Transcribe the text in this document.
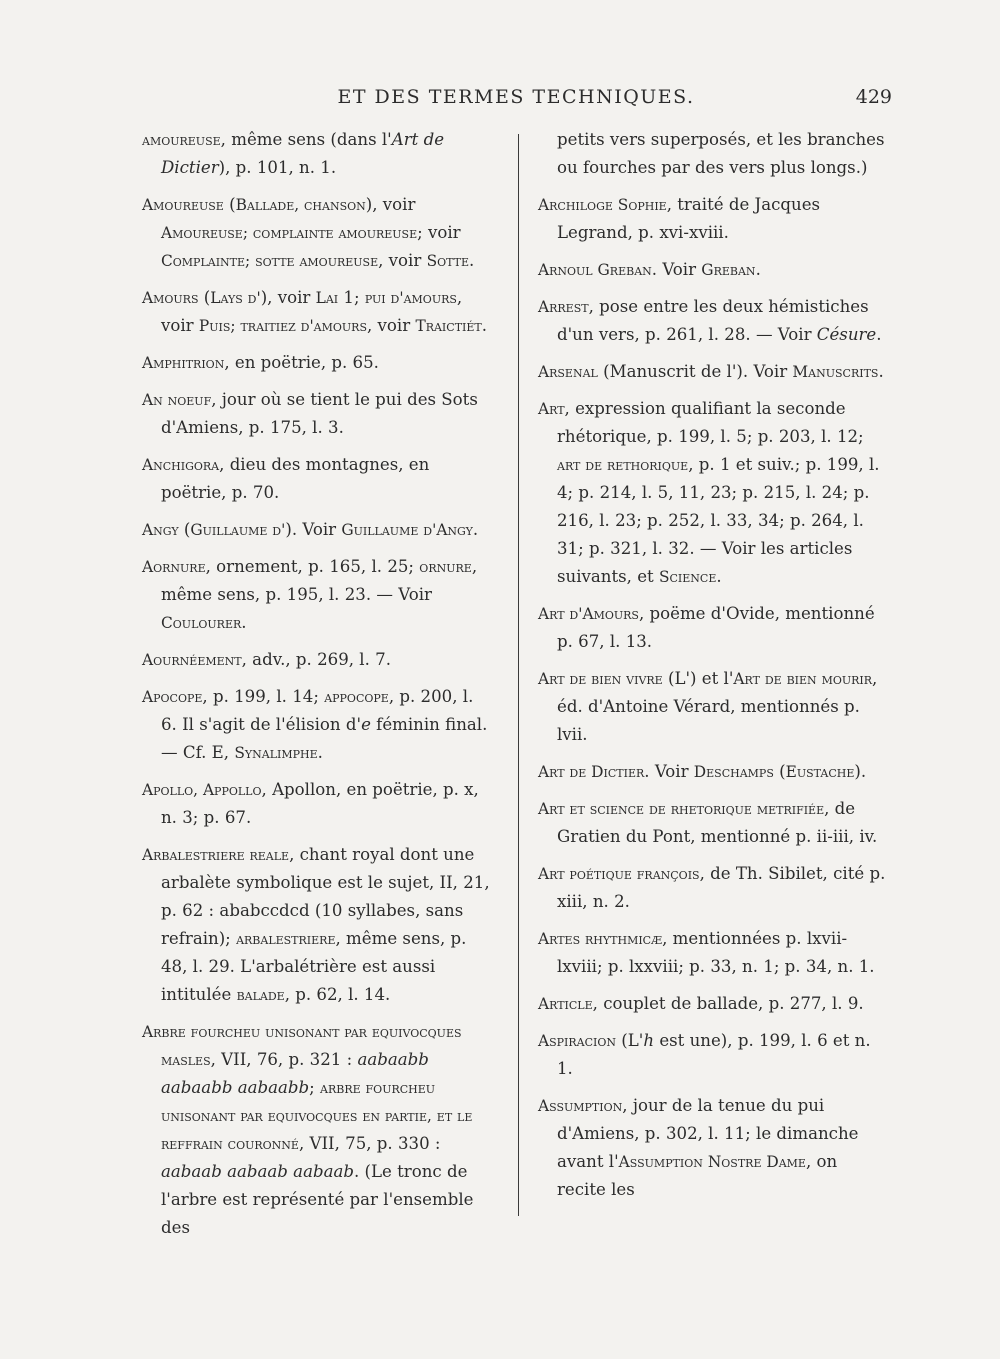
ET DES TERMES TECHNIQUES.	429

amoureuse, même sens (dans l'Art de Dictier), p. 101, n. 1.

Amoureuse (Ballade, chanson), voir Amoureuse; complainte amoureuse; voir Complainte; sotte amoureuse, voir Sotte.

Amours (Lays d'), voir Lai 1; pui d'amours, voir Puis; traitiez d'amours, voir Traictiét.

Amphitrion, en poëtrie, p. 65.

An noeuf, jour où se tient le pui des Sots d'Amiens, p. 175, l. 3.

Anchigora, dieu des montagnes, en poëtrie, p. 70.

Angy (Guillaume d'). Voir Guillaume d'Angy.

Aornure, ornement, p. 165, l. 25; ornure, même sens, p. 195, l. 23. — Voir Coulourer.

Aournéement, adv., p. 269, l. 7.

Apocope, p. 199, l. 14; appocope, p. 200, l. 6. Il s'agit de l'élision d'e féminin final. — Cf. E, Synalimphe.

Apollo, Appollo, Apollon, en poëtrie, p. x, n. 3; p. 67.

Arbalestriere reale, chant royal dont une arbalète symbolique est le sujet, II, 21, p. 62 : ababccdcd (10 syllabes, sans refrain); arbalestriere, même sens, p. 48, l. 29. L'arbalétrière est aussi intitulée balade, p. 62, l. 14.

Arbre fourcheu unisonant par equivocques masles, VII, 76, p. 321 : aabaabb aabaabb aabaabb; arbre fourcheu unisonant par equivocques en partie, et le reffrain couronné, VII, 75, p. 330 : aabaab aabaab aabaab. (Le tronc de l'arbre est représenté par l'ensemble des

petits vers superposés, et les branches ou fourches par des vers plus longs.)

Archiloge Sophie, traité de Jacques Legrand, p. xvi-xviii.

Arnoul Greban. Voir Greban.

Arrest, pose entre les deux hémistiches d'un vers, p. 261, l. 28. — Voir Césure.

Arsenal (Manuscrit de l'). Voir Manuscrits.

Art, expression qualifiant la seconde rhétorique, p. 199, l. 5; p. 203, l. 12; art de rethorique, p. 1 et suiv.; p. 199, l. 4; p. 214, l. 5, 11, 23; p. 215, l. 24; p. 216, l. 23; p. 252, l. 33, 34; p. 264, l. 31; p. 321, l. 32. — Voir les articles suivants, et Science.

Art d'Amours, poëme d'Ovide, mentionné p. 67, l. 13.

Art de bien vivre (L') et l'Art de bien mourir, éd. d'Antoine Vérard, mentionnés p. lvii.

Art de Dictier. Voir Deschamps (Eustache).

Art et science de rhetorique metrifiée, de Gratien du Pont, mentionné p. ii-iii, iv.

Art poétique françois, de Th. Sibilet, cité p. xiii, n. 2.

Artes rhythmicæ, mentionnées p. lxvii-lxviii; p. lxxviii; p. 33, n. 1; p. 34, n. 1.

Article, couplet de ballade, p. 277, l. 9.

Aspiracion (L'h est une), p. 199, l. 6 et n. 1.

Assumption, jour de la tenue du pui d'Amiens, p. 302, l. 11; le dimanche avant l'Assumption Nostre Dame, on recite les
